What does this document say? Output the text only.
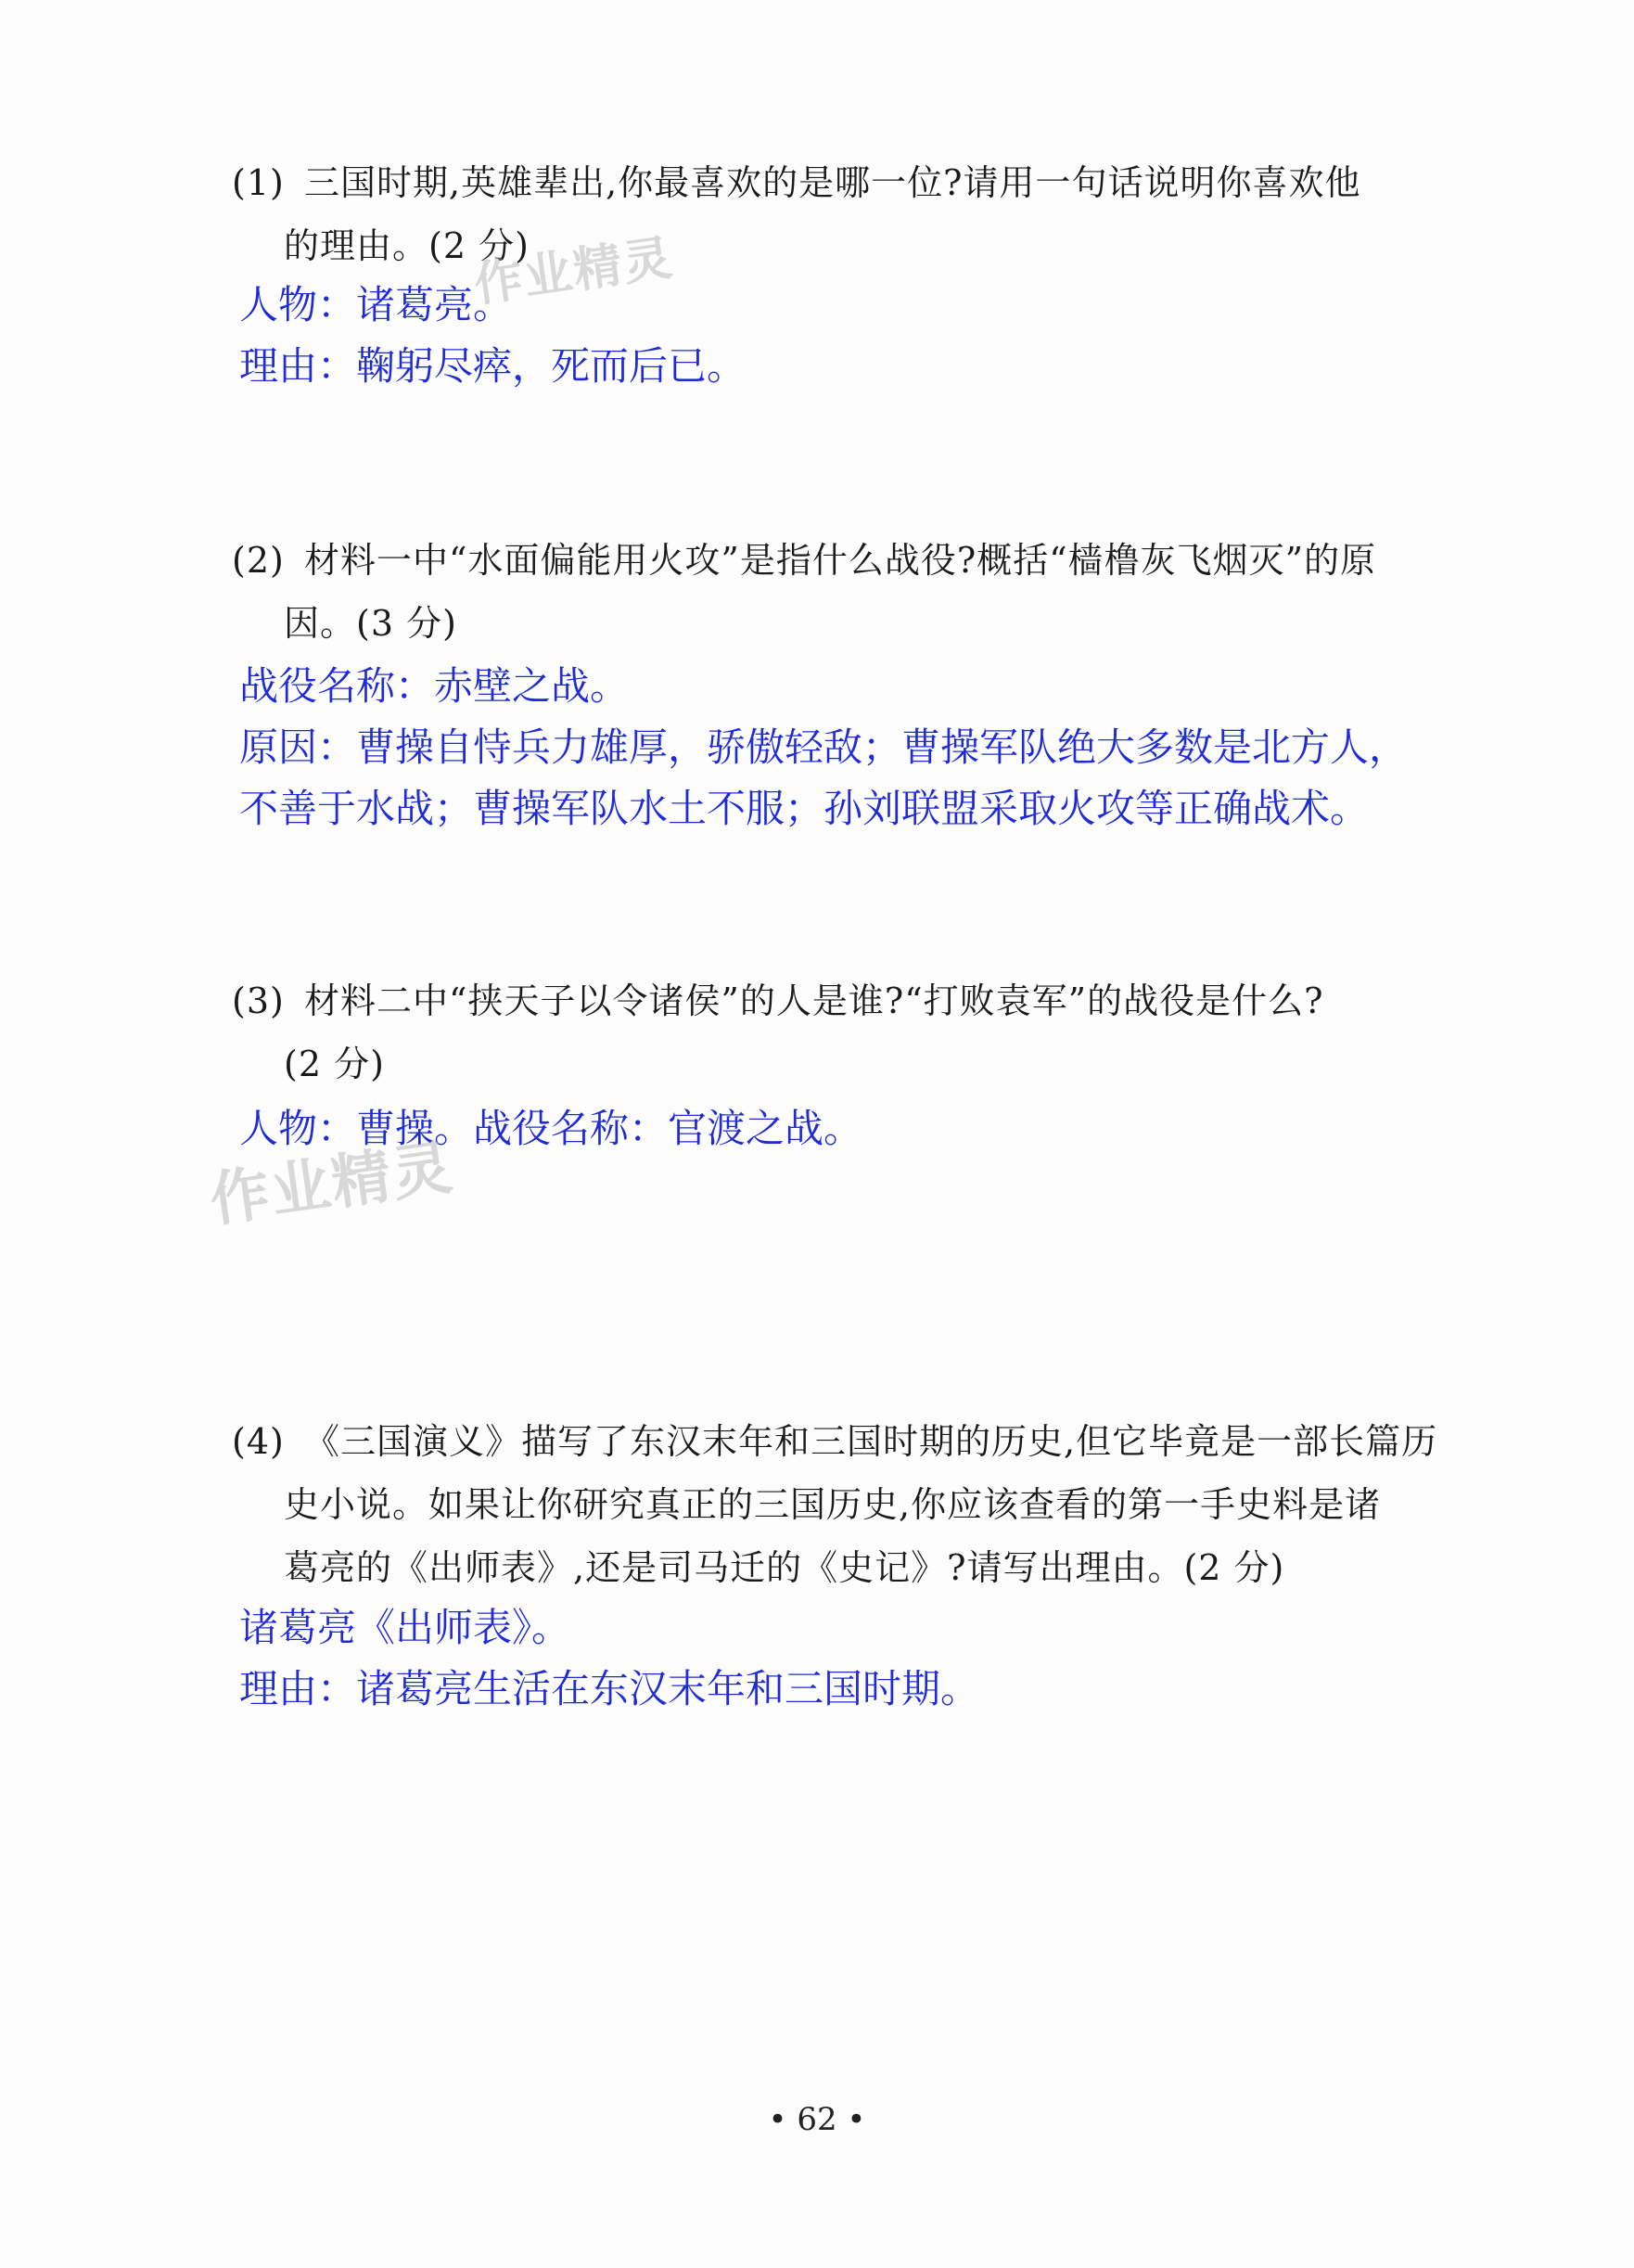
(1) 三国时期,英雄辈出,你最喜欢的是哪一位?请用一句话说明你喜欢他
的理由。(2 分)
人物：诸葛亮。
理由：鞠躬尽瘁，死而后已。
(2) 材料一中“水面偏能用火攻”是指什么战役?概括“樯橹灰飞烟灭”的原
因。(3 分)
战役名称：赤壁之战。
原因：曹操自恃兵力雄厚，骄傲轻敌；曹操军队绝大多数是北方人，
不善于水战；曹操军队水土不服；孙刘联盟采取火攻等正确战术。
(3) 材料二中“挟天子以令诸侯”的人是谁?“打败袁军”的战役是什么?
(2 分)
人物：曹操。战役名称：官渡之战。
(4) 《三国演义》描写了东汉末年和三国时期的历史,但它毕竟是一部长篇历
史小说。如果让你研究真正的三国历史,你应该查看的第一手史料是诸
葛亮的《出师表》,还是司马迁的《史记》?请写出理由。(2 分)
诸葛亮《出师表》。
理由：诸葛亮生活在东汉末年和三国时期。
作业精灵
作业精灵
• 62 •
